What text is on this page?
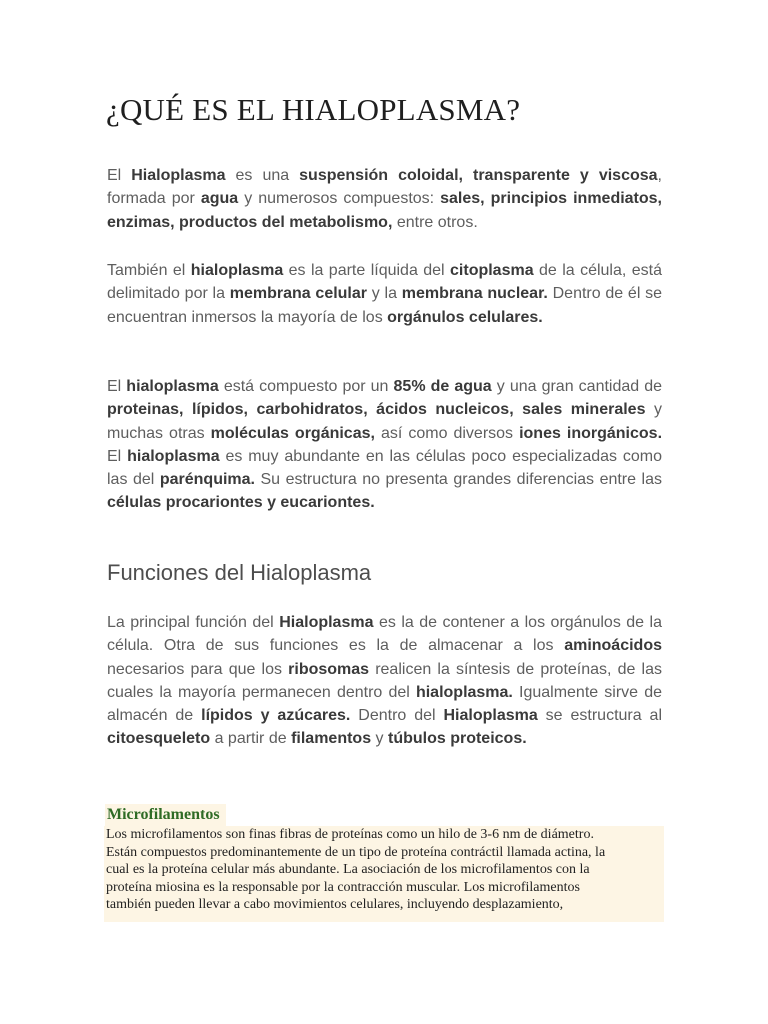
¿QUÉ ES EL HIALOPLASMA?

El Hialoplasma es una suspensión coloidal, transparente y viscosa, formada por agua y numerosos compuestos: sales, principios inmediatos, enzimas, productos del metabolismo, entre otros.

También el hialoplasma es la parte líquida del citoplasma de la célula, está delimitado por la membrana celular y la membrana nuclear. Dentro de él se encuentran inmersos la mayoría de los orgánulos celulares.

El hialoplasma está compuesto por un 85% de agua y una gran cantidad de proteinas, lípidos, carbohidratos, ácidos nucleicos, sales minerales y muchas otras moléculas orgánicas, así como diversos iones inorgánicos. El hialoplasma es muy abundante en las células poco especializadas como las del parénquima. Su estructura no presenta grandes diferencias entre las células procariontes y eucariontes.

Funciones del Hialoplasma

La principal función del Hialoplasma es la de contener a los orgánulos de la célula. Otra de sus funciones es la de almacenar a los aminoácidos necesarios para que los ribosomas realicen la síntesis de proteínas, de las cuales la mayoría permanecen dentro del hialoplasma. Igualmente sirve de almacén de lípidos y azúcares. Dentro del Hialoplasma se estructura al citoesqueleto a partir de filamentos y túbulos proteicos.

Microfilamentos
Los microfilamentos son finas fibras de proteínas como un hilo de 3-6 nm de diámetro.
Están compuestos predominantemente de un tipo de proteína contráctil llamada actina, la
cual es la proteína celular más abundante. La asociación de los microfilamentos con la
proteína miosina es la responsable por la contracción muscular. Los microfilamentos
también pueden llevar a cabo movimientos celulares, incluyendo desplazamiento,
